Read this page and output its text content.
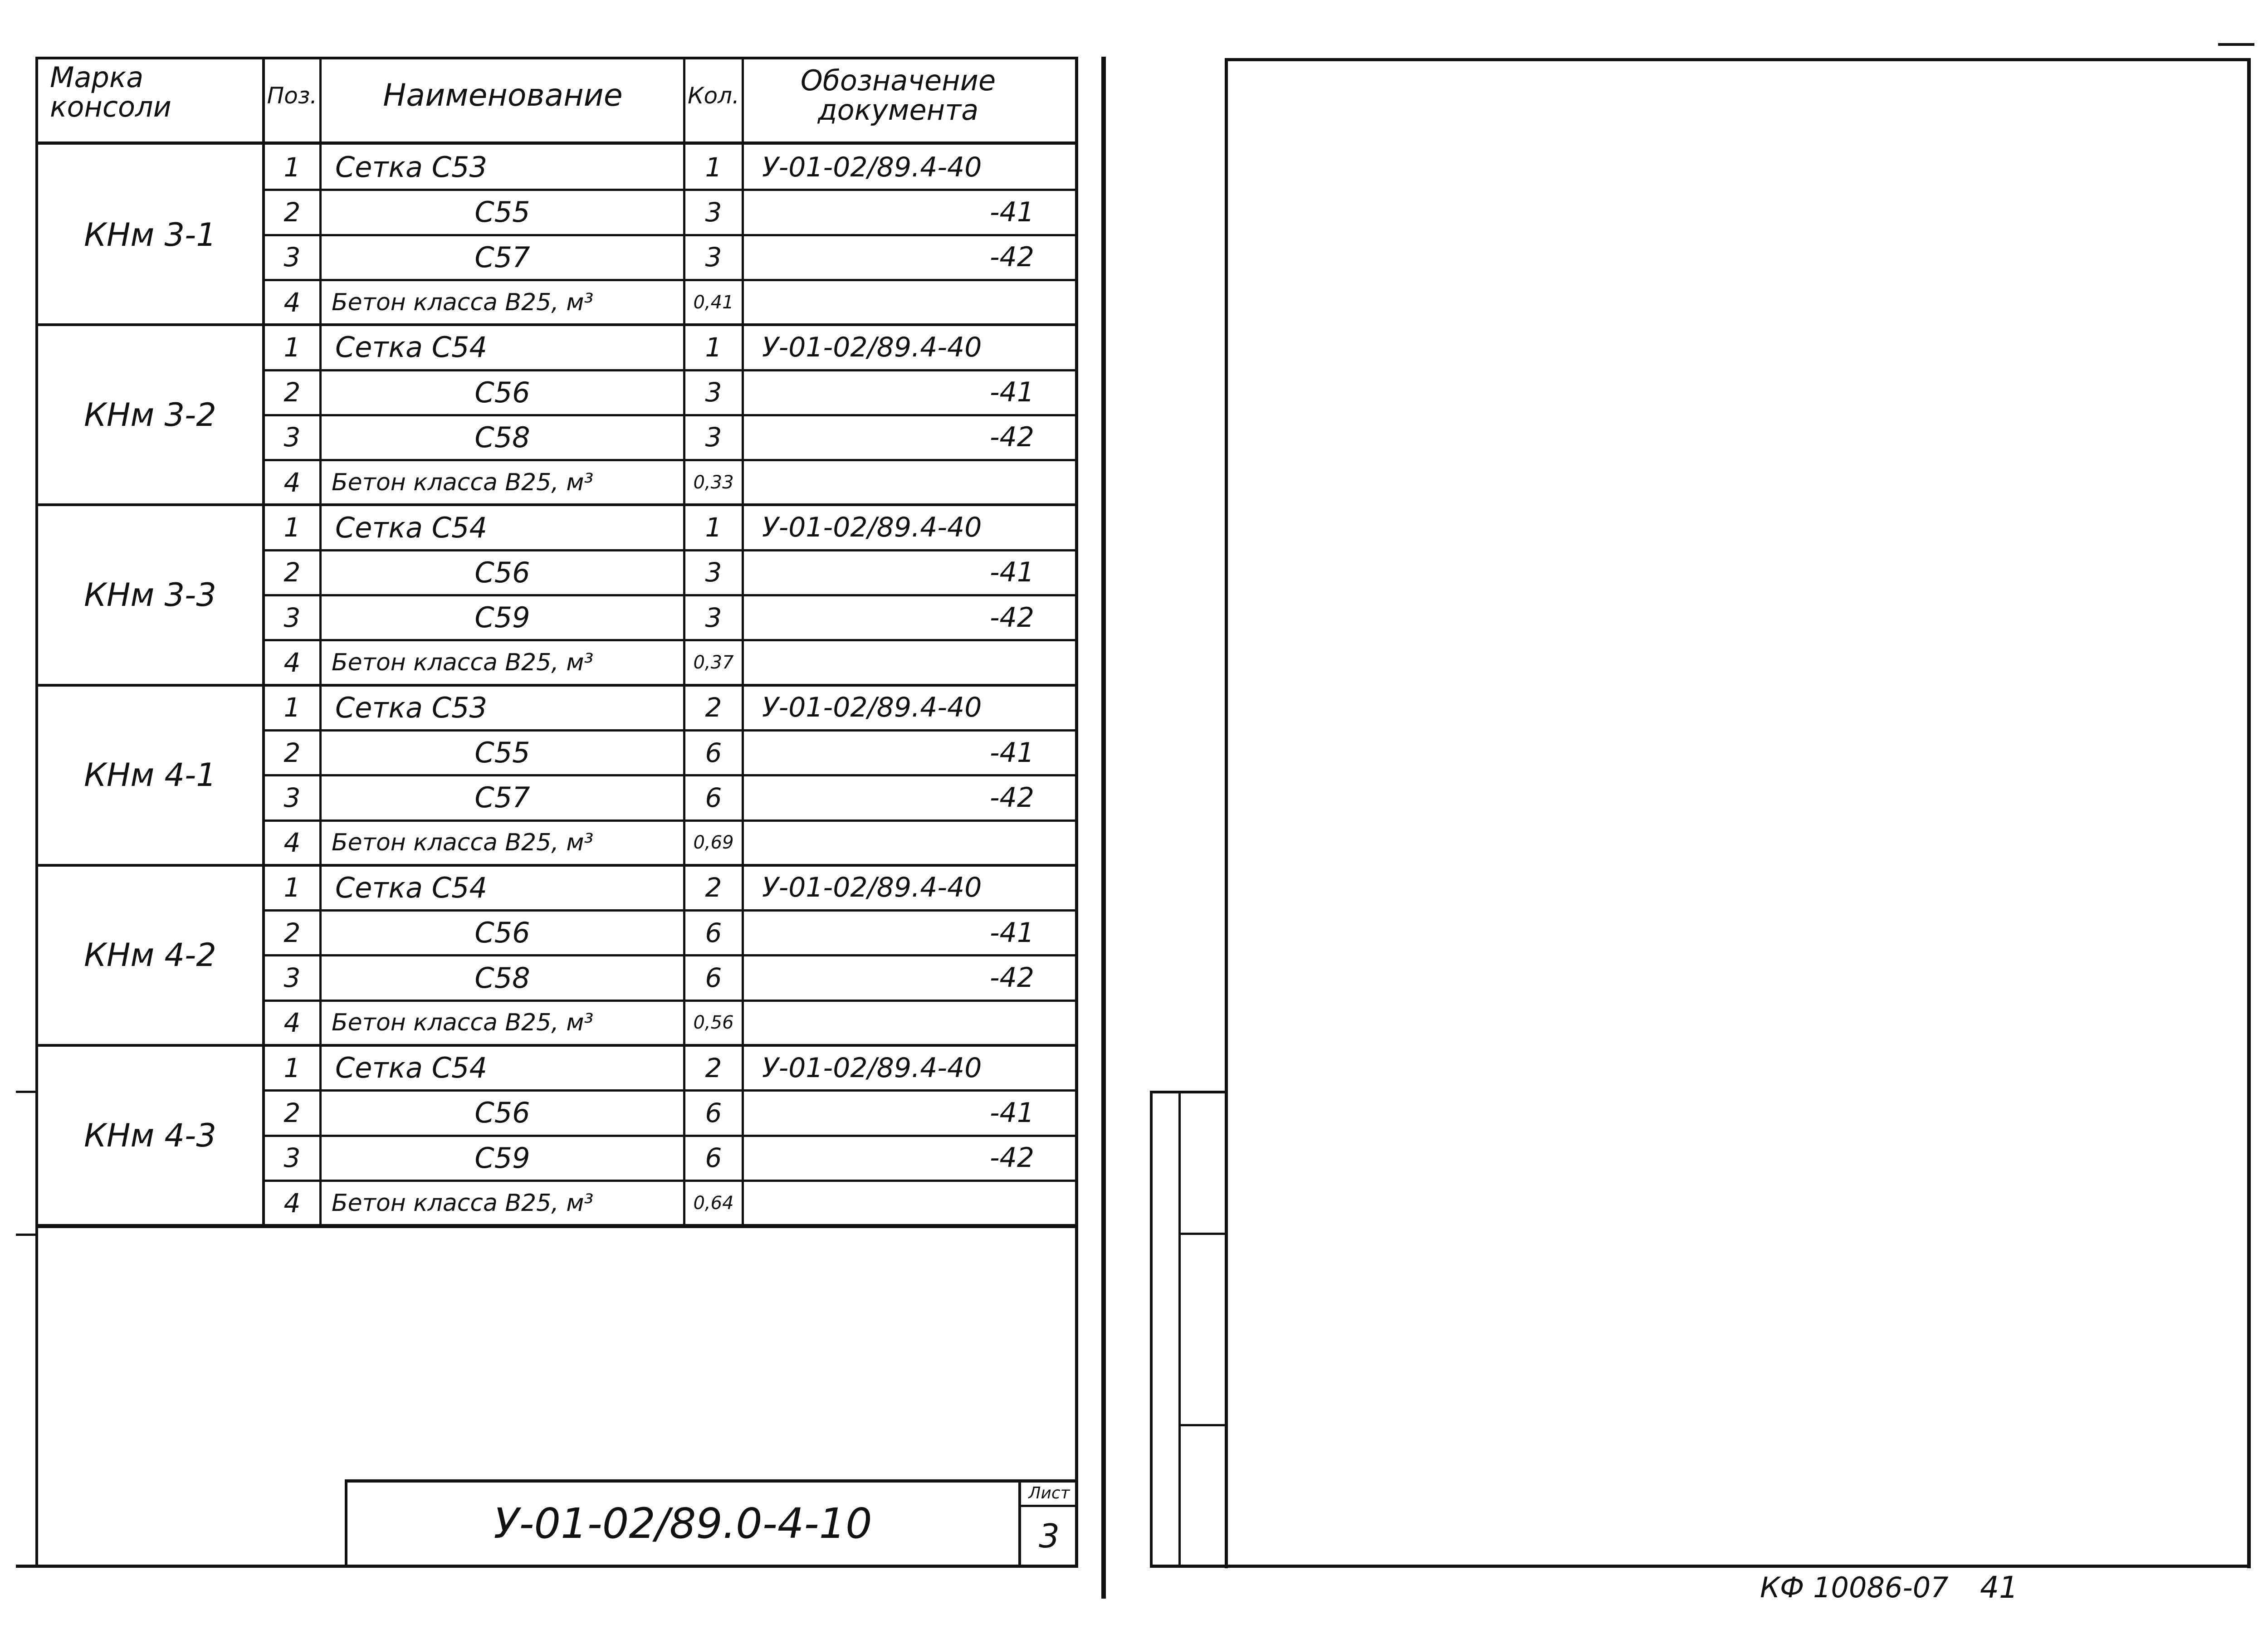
Марка консоли	Поз.	Наименование	Кол.	Обозначение документа
КНм 3-1
1	Сетка С53	1	У-01-02/89.4-40
2	С55	3	-41
3	С57	3	-42
4	Бетон класса В25, м³	0,41
КНм 3-2
1	Сетка С54	1	У-01-02/89.4-40
2	С56	3	-41
3	С58	3	-42
4	Бетон класса В25, м³	0,33
КНм 3-3
1	Сетка С54	1	У-01-02/89.4-40
2	С56	3	-41
3	С59	3	-42
4	Бетон класса В25, м³	0,37
КНм 4-1
1	Сетка С53	2	У-01-02/89.4-40
2	С55	6	-41
3	С57	6	-42
4	Бетон класса В25, м³	0,69
КНм 4-2
1	Сетка С54	2	У-01-02/89.4-40
2	С56	6	-41
3	С58	6	-42
4	Бетон класса В25, м³	0,56
КНм 4-3
1	Сетка С54	2	У-01-02/89.4-40
2	С56	6	-41
3	С59	6	-42
4	Бетон класса В25, м³	0,64
У-01-02/89.0-4-10
Лист
3
КФ 10086-07 41
